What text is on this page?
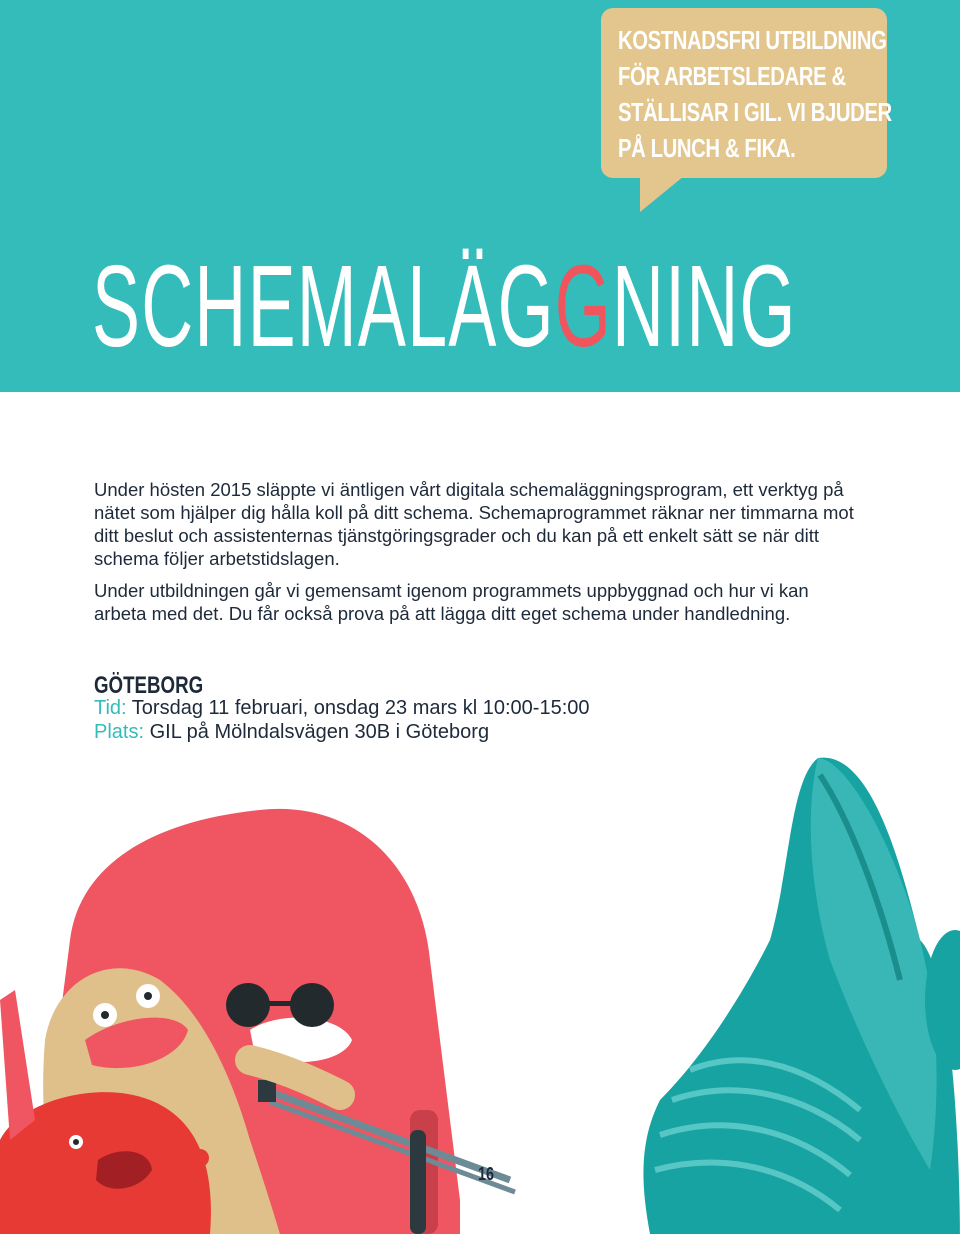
KOSTNADSFRI UTBILDNING
FÖR ARBETSLEDARE &
STÄLLISAR I GIL. VI BJUDER
PÅ LUNCH & FIKA.
SCHEMALÄGGNING

Under hösten 2015 släppte vi äntligen vårt digitala schemaläggningsprogram, ett verktyg på nätet som hjälper dig hålla koll på ditt schema. Schemaprogrammet räknar ner timmarna mot ditt beslut och assistenternas tjänstgöringsgrader och du kan på ett enkelt sätt se när ditt schema följer arbetstidslagen.

Under utbildningen går vi gemensamt igenom programmets uppbyggnad och hur vi kan arbeta med det. Du får också prova på att lägga ditt eget schema under handledning.

GÖTEBORG
Tid: Torsdag 11 februari, onsdag 23 mars kl 10:00-15:00
Plats: GIL på Mölndalsvägen 30B i Göteborg
16
